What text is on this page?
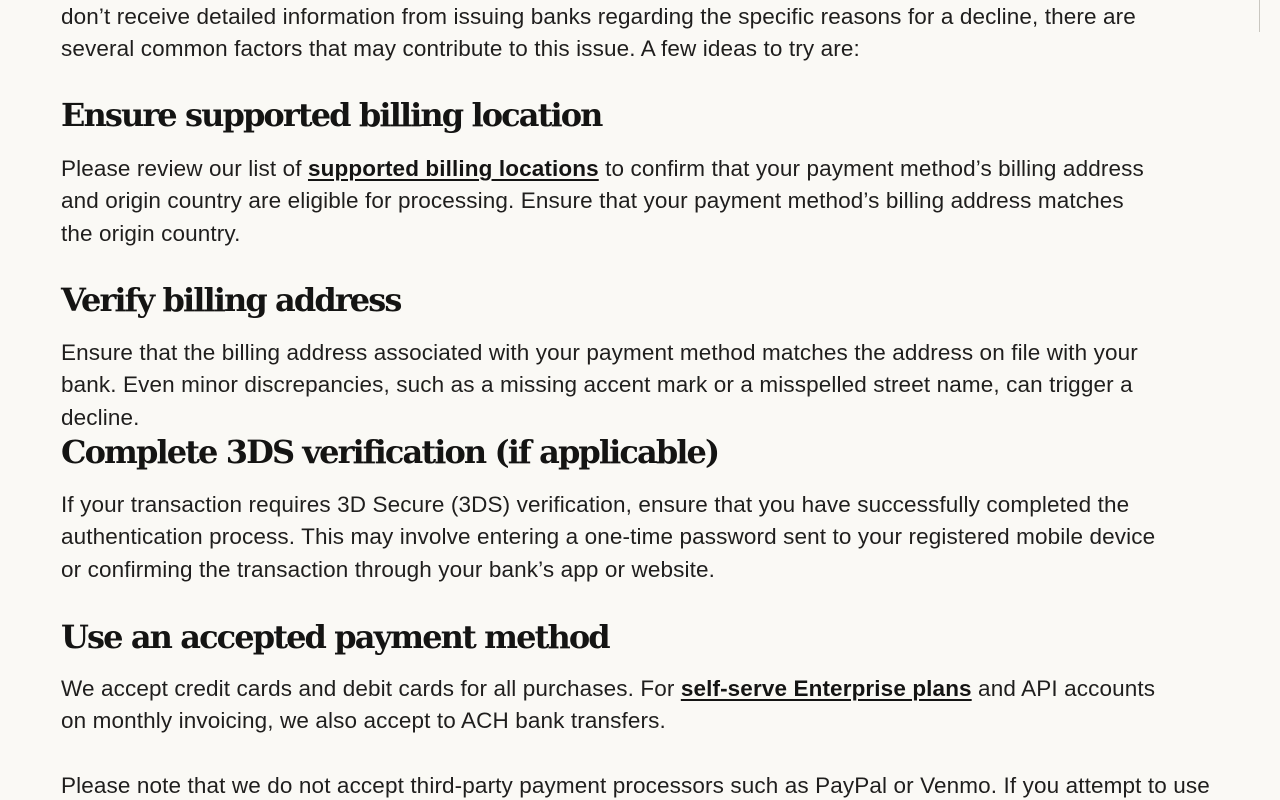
don’t receive detailed information from issuing banks regarding the specific reasons for a decline, there are several common factors that may contribute to this issue. A few ideas to try are:

Ensure supported billing location

Please review our list of supported billing locations to confirm that your payment method’s billing address and origin country are eligible for processing. Ensure that your payment method’s billing address matches the origin country.

Verify billing address

Ensure that the billing address associated with your payment method matches the address on file with your bank. Even minor discrepancies, such as a missing accent mark or a misspelled street name, can trigger a decline.

Complete 3DS verification (if applicable)

If your transaction requires 3D Secure (3DS) verification, ensure that you have successfully completed the authentication process. This may involve entering a one-time password sent to your registered mobile device or confirming the transaction through your bank’s app or website.

Use an accepted payment method

We accept credit cards and debit cards for all purchases. For self-serve Enterprise plans and API accounts on monthly invoicing, we also accept to ACH bank transfers.

Please note that we do not accept third-party payment processors such as PayPal or Venmo. If you attempt to use
